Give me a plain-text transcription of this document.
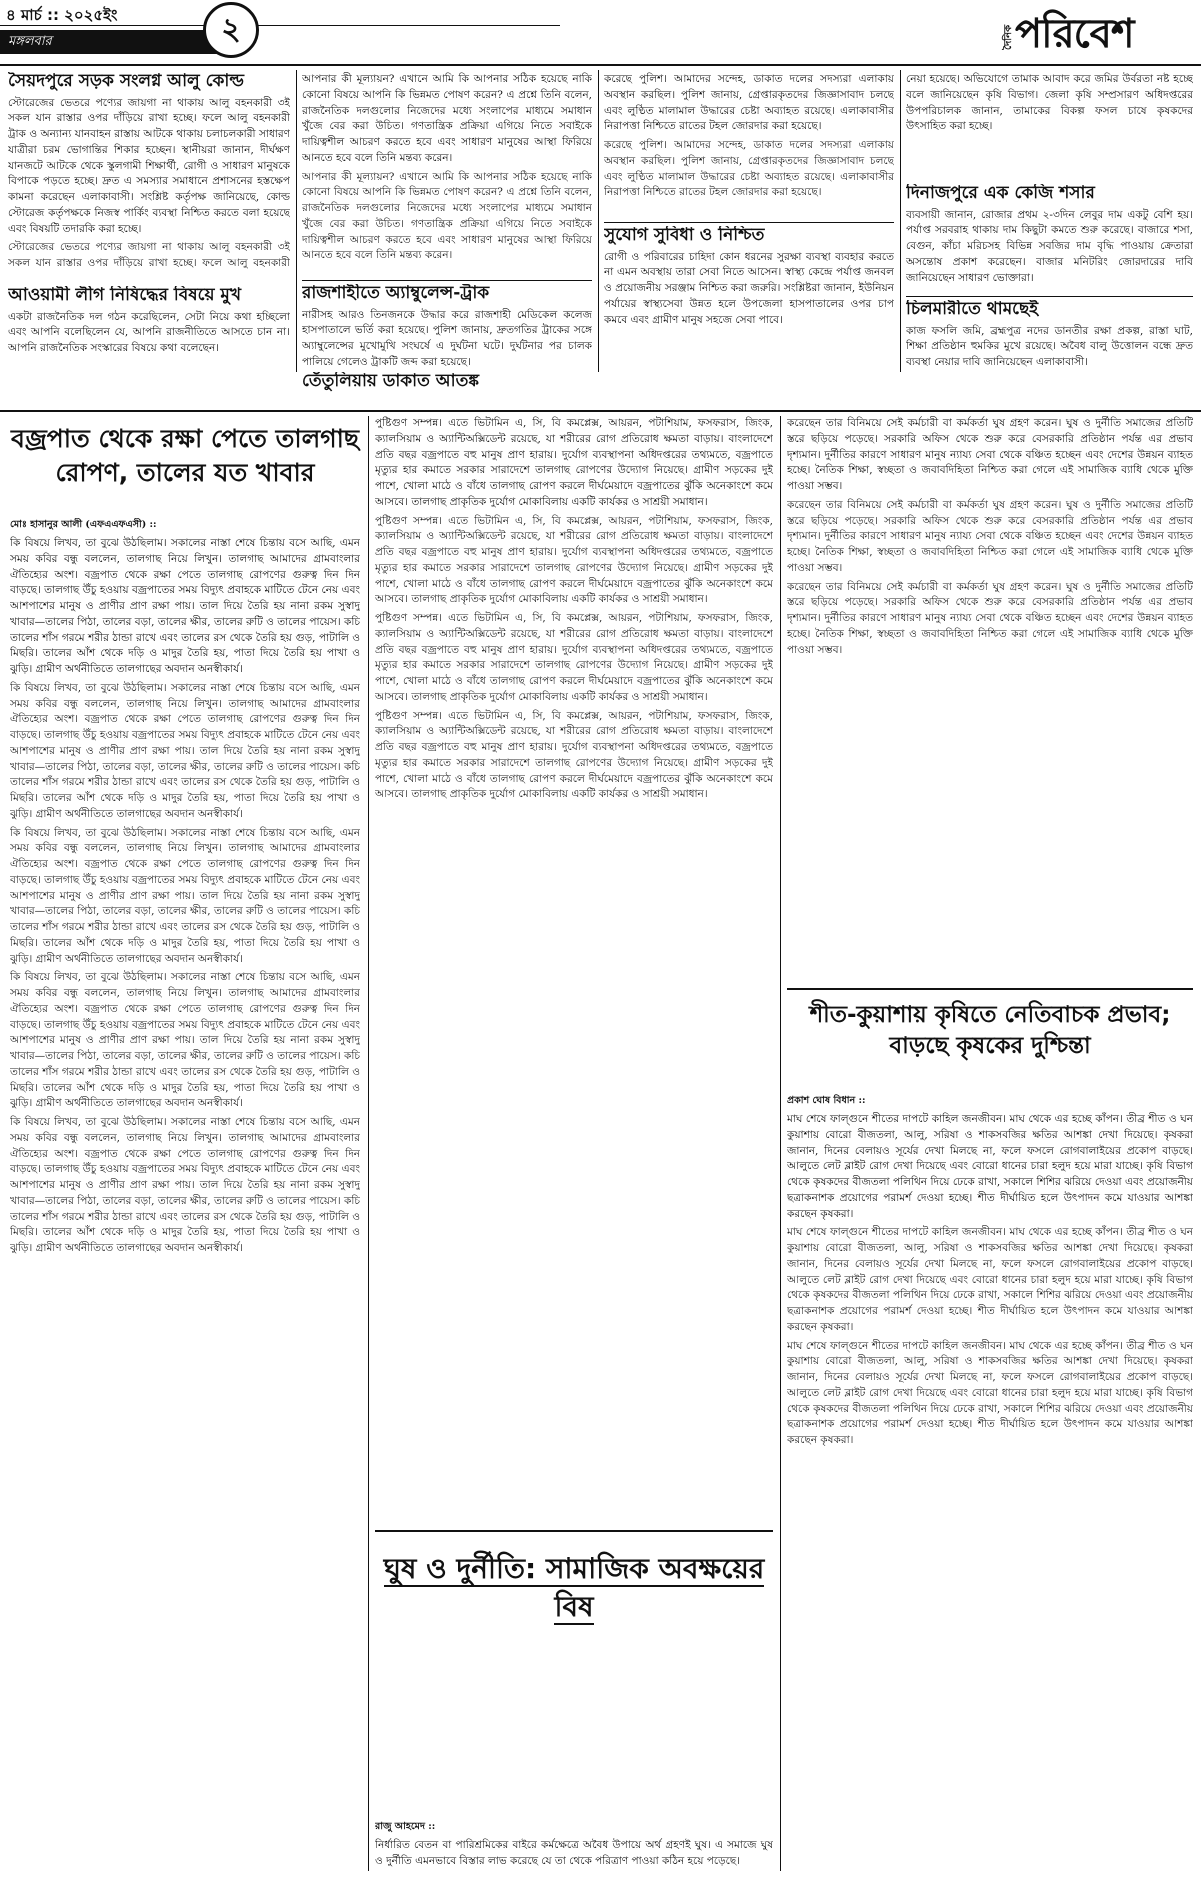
৪ মার্চ :: ২০২৫ইং
মঙ্গলবার	২	দৈনিক পরিবেশ
সৈয়দপুরে সড়ক সংলগ্ন আলু কোল্ড

স্টোরেজের ভেতরে পণ্যের জায়গা না থাকায় আলু বহনকারী ৩ই সকল যান রাস্তার ওপর দাঁড়িয়ে রাখা হচ্ছে। ফলে আলু বহনকারী ট্রাক ও অন্যান্য যানবাহন রাস্তায় আটকে থাকায় চলাচলকারী সাধারণ যাত্রীরা চরম ভোগান্তির শিকার হচ্ছেন। স্থানীয়রা জানান, দীর্ঘক্ষণ যানজটে আটকে থেকে স্কুলগামী শিক্ষার্থী, রোগী ও সাধারণ মানুষকে বিপাকে পড়তে হচ্ছে। দ্রুত এ সমস্যার সমাধানে প্রশাসনের হস্তক্ষেপ কামনা করেছেন এলাকাবাসী। সংশ্লিষ্ট কর্তৃপক্ষ জানিয়েছে, কোল্ড স্টোরেজ কর্তৃপক্ষকে নিজস্ব পার্কিং ব্যবস্থা নিশ্চিত করতে বলা হয়েছে এবং বিষয়টি তদারকি করা হচ্ছে।

স্টোরেজের ভেতরে পণ্যের জায়গা না থাকায় আলু বহনকারী ৩ই সকল যান রাস্তার ওপর দাঁড়িয়ে রাখা হচ্ছে। ফলে আলু বহনকারী

আওয়ামী লীগ নিষিদ্ধের বিষয়ে মুখ

একটা রাজনৈতিক দল গঠন করেছিলেন, সেটা নিয়ে কথা হচ্ছিলো এবং আপনি বলেছিলেন যে, আপনি রাজনীতিতে আসতে চান না। আপনি রাজনৈতিক সংস্কারের বিষয়ে কথা বলেছেন।

আপনার কী মূল্যায়ন? এখানে আমি কি আপনার সঠিক হয়েছে নাকি কোনো বিষয়ে আপনি কি ভিন্নমত পোষণ করেন? এ প্রশ্নে তিনি বলেন, রাজনৈতিক দলগুলোর নিজেদের মধ্যে সংলাপের মাধ্যমে সমাধান খুঁজে বের করা উচিত। গণতান্ত্রিক প্রক্রিয়া এগিয়ে নিতে সবাইকে দায়িত্বশীল আচরণ করতে হবে এবং সাধারণ মানুষের আস্থা ফিরিয়ে আনতে হবে বলে তিনি মন্তব্য করেন।

আপনার কী মূল্যায়ন? এখানে আমি কি আপনার সঠিক হয়েছে নাকি কোনো বিষয়ে আপনি কি ভিন্নমত পোষণ করেন? এ প্রশ্নে তিনি বলেন, রাজনৈতিক দলগুলোর নিজেদের মধ্যে সংলাপের মাধ্যমে সমাধান খুঁজে বের করা উচিত। গণতান্ত্রিক প্রক্রিয়া এগিয়ে নিতে সবাইকে দায়িত্বশীল আচরণ করতে হবে এবং সাধারণ মানুষের আস্থা ফিরিয়ে আনতে হবে বলে তিনি মন্তব্য করেন।

রাজশাহীতে অ্যাম্বুলেন্স-ট্রাক

নারীসহ আরও তিনজনকে উদ্ধার করে রাজশাহী মেডিকেল কলেজ হাসপাতালে ভর্তি করা হয়েছে। পুলিশ জানায়, দ্রুতগতির ট্রাকের সঙ্গে অ্যাম্বুলেন্সের মুখোমুখি সংঘর্ষে এ দুর্ঘটনা ঘটে। দুর্ঘটনার পর চালক পালিয়ে গেলেও ট্রাকটি জব্দ করা হয়েছে।

করেছে পুলিশ। আমাদের সন্দেহ, ডাকাত দলের সদস্যরা এলাকায় অবস্থান করছিল। পুলিশ জানায়, গ্রেপ্তারকৃতদের জিজ্ঞাসাবাদ চলছে এবং লুণ্ঠিত মালামাল উদ্ধারের চেষ্টা অব্যাহত রয়েছে। এলাকাবাসীর নিরাপত্তা নিশ্চিতে রাতের টহল জোরদার করা হয়েছে।

করেছে পুলিশ। আমাদের সন্দেহ, ডাকাত দলের সদস্যরা এলাকায় অবস্থান করছিল। পুলিশ জানায়, গ্রেপ্তারকৃতদের জিজ্ঞাসাবাদ চলছে এবং লুণ্ঠিত মালামাল উদ্ধারের চেষ্টা অব্যাহত রয়েছে। এলাকাবাসীর নিরাপত্তা নিশ্চিতে রাতের টহল জোরদার করা হয়েছে।

সুযোগ সুবিধা ও নিশ্চিত

রোগী ও পরিবারের চাহিদা কোন ধরনের সুরক্ষা ব্যবস্থা ব্যবহার করতে না এমন অবস্থায় তারা সেবা নিতে আসেন। স্বাস্থ্য কেন্দ্রে পর্যাপ্ত জনবল ও প্রয়োজনীয় সরঞ্জাম নিশ্চিত করা জরুরি। সংশ্লিষ্টরা জানান, ইউনিয়ন পর্যায়ের স্বাস্থ্যসেবা উন্নত হলে উপজেলা হাসপাতালের ওপর চাপ কমবে এবং গ্রামীণ মানুষ সহজে সেবা পাবে।

নেয়া হয়েছে। অভিযোগে তামাক আবাদ করে জমির উর্বরতা নষ্ট হচ্ছে বলে জানিয়েছেন কৃষি বিভাগ। জেলা কৃষি সম্প্রসারণ অধিদপ্তরের উপপরিচালক জানান, তামাকের বিকল্প ফসল চাষে কৃষকদের উৎসাহিত করা হচ্ছে।

দিনাজপুরে এক কেজি শসার

ব্যবসায়ী জানান, রোজার প্রথম ২-৩দিন লেবুর দাম একটু বেশি হয়। পর্যাপ্ত সরবরাহ থাকায় দাম কিছুটা কমতে শুরু করেছে। বাজারে শসা, বেগুন, কাঁচা মরিচসহ বিভিন্ন সবজির দাম বৃদ্ধি পাওয়ায় ক্রেতারা অসন্তোষ প্রকাশ করেছেন। বাজার মনিটরিং জোরদারের দাবি জানিয়েছেন সাধারণ ভোক্তারা।

চিলমারীতে থামছেই

কাজ ফসলি জমি, ব্রহ্মপুত্র নদের ডানতীর রক্ষা প্রকল্প, রাস্তা ঘাট, শিক্ষা প্রতিষ্ঠান হুমকির মুখে রয়েছে। অবৈধ বালু উত্তোলন বন্ধে দ্রুত ব্যবস্থা নেয়ার দাবি জানিয়েছেন এলাকাবাসী।

তেঁতুলিয়ায় ডাকাত আতঙ্ক
বজ্রপাত থেকে রক্ষা পেতে তালগাছ রোপণ, তালের যত খাবার
মোঃ হাসানুর আলী (এফএএফএসী) ::

কি বিষয়ে লিখব, তা বুঝে উঠছিলাম। সকালের নাস্তা শেষে চিন্তায় বসে আছি, এমন সময় কবির বন্ধু বললেন, তালগাছ নিয়ে লিখুন। তালগাছ আমাদের গ্রামবাংলার ঐতিহ্যের অংশ। বজ্রপাত থেকে রক্ষা পেতে তালগাছ রোপণের গুরুত্ব দিন দিন বাড়ছে। তালগাছ উঁচু হওয়ায় বজ্রপাতের সময় বিদ্যুৎ প্রবাহকে মাটিতে টেনে নেয় এবং আশপাশের মানুষ ও প্রাণীর প্রাণ রক্ষা পায়। তাল দিয়ে তৈরি হয় নানা রকম সুস্বাদু খাবার—তালের পিঠা, তালের বড়া, তালের ক্ষীর, তালের রুটি ও তালের পায়েস। কচি তালের শাঁস গরমে শরীর ঠান্ডা রাখে এবং তালের রস থেকে তৈরি হয় গুড়, পাটালি ও মিছরি। তালের আঁশ থেকে দড়ি ও মাদুর তৈরি হয়, পাতা দিয়ে তৈরি হয় পাখা ও ঝুড়ি। গ্রামীণ অর্থনীতিতে তালগাছের অবদান অনস্বীকার্য।

কি বিষয়ে লিখব, তা বুঝে উঠছিলাম। সকালের নাস্তা শেষে চিন্তায় বসে আছি, এমন সময় কবির বন্ধু বললেন, তালগাছ নিয়ে লিখুন। তালগাছ আমাদের গ্রামবাংলার ঐতিহ্যের অংশ। বজ্রপাত থেকে রক্ষা পেতে তালগাছ রোপণের গুরুত্ব দিন দিন বাড়ছে। তালগাছ উঁচু হওয়ায় বজ্রপাতের সময় বিদ্যুৎ প্রবাহকে মাটিতে টেনে নেয় এবং আশপাশের মানুষ ও প্রাণীর প্রাণ রক্ষা পায়। তাল দিয়ে তৈরি হয় নানা রকম সুস্বাদু খাবার—তালের পিঠা, তালের বড়া, তালের ক্ষীর, তালের রুটি ও তালের পায়েস। কচি তালের শাঁস গরমে শরীর ঠান্ডা রাখে এবং তালের রস থেকে তৈরি হয় গুড়, পাটালি ও মিছরি। তালের আঁশ থেকে দড়ি ও মাদুর তৈরি হয়, পাতা দিয়ে তৈরি হয় পাখা ও ঝুড়ি। গ্রামীণ অর্থনীতিতে তালগাছের অবদান অনস্বীকার্য।

কি বিষয়ে লিখব, তা বুঝে উঠছিলাম। সকালের নাস্তা শেষে চিন্তায় বসে আছি, এমন সময় কবির বন্ধু বললেন, তালগাছ নিয়ে লিখুন। তালগাছ আমাদের গ্রামবাংলার ঐতিহ্যের অংশ। বজ্রপাত থেকে রক্ষা পেতে তালগাছ রোপণের গুরুত্ব দিন দিন বাড়ছে। তালগাছ উঁচু হওয়ায় বজ্রপাতের সময় বিদ্যুৎ প্রবাহকে মাটিতে টেনে নেয় এবং আশপাশের মানুষ ও প্রাণীর প্রাণ রক্ষা পায়। তাল দিয়ে তৈরি হয় নানা রকম সুস্বাদু খাবার—তালের পিঠা, তালের বড়া, তালের ক্ষীর, তালের রুটি ও তালের পায়েস। কচি তালের শাঁস গরমে শরীর ঠান্ডা রাখে এবং তালের রস থেকে তৈরি হয় গুড়, পাটালি ও মিছরি। তালের আঁশ থেকে দড়ি ও মাদুর তৈরি হয়, পাতা দিয়ে তৈরি হয় পাখা ও ঝুড়ি। গ্রামীণ অর্থনীতিতে তালগাছের অবদান অনস্বীকার্য।

কি বিষয়ে লিখব, তা বুঝে উঠছিলাম। সকালের নাস্তা শেষে চিন্তায় বসে আছি, এমন সময় কবির বন্ধু বললেন, তালগাছ নিয়ে লিখুন। তালগাছ আমাদের গ্রামবাংলার ঐতিহ্যের অংশ। বজ্রপাত থেকে রক্ষা পেতে তালগাছ রোপণের গুরুত্ব দিন দিন বাড়ছে। তালগাছ উঁচু হওয়ায় বজ্রপাতের সময় বিদ্যুৎ প্রবাহকে মাটিতে টেনে নেয় এবং আশপাশের মানুষ ও প্রাণীর প্রাণ রক্ষা পায়। তাল দিয়ে তৈরি হয় নানা রকম সুস্বাদু খাবার—তালের পিঠা, তালের বড়া, তালের ক্ষীর, তালের রুটি ও তালের পায়েস। কচি তালের শাঁস গরমে শরীর ঠান্ডা রাখে এবং তালের রস থেকে তৈরি হয় গুড়, পাটালি ও মিছরি। তালের আঁশ থেকে দড়ি ও মাদুর তৈরি হয়, পাতা দিয়ে তৈরি হয় পাখা ও ঝুড়ি। গ্রামীণ অর্থনীতিতে তালগাছের অবদান অনস্বীকার্য।

কি বিষয়ে লিখব, তা বুঝে উঠছিলাম। সকালের নাস্তা শেষে চিন্তায় বসে আছি, এমন সময় কবির বন্ধু বললেন, তালগাছ নিয়ে লিখুন। তালগাছ আমাদের গ্রামবাংলার ঐতিহ্যের অংশ। বজ্রপাত থেকে রক্ষা পেতে তালগাছ রোপণের গুরুত্ব দিন দিন বাড়ছে। তালগাছ উঁচু হওয়ায় বজ্রপাতের সময় বিদ্যুৎ প্রবাহকে মাটিতে টেনে নেয় এবং আশপাশের মানুষ ও প্রাণীর প্রাণ রক্ষা পায়। তাল দিয়ে তৈরি হয় নানা রকম সুস্বাদু খাবার—তালের পিঠা, তালের বড়া, তালের ক্ষীর, তালের রুটি ও তালের পায়েস। কচি তালের শাঁস গরমে শরীর ঠান্ডা রাখে এবং তালের রস থেকে তৈরি হয় গুড়, পাটালি ও মিছরি। তালের আঁশ থেকে দড়ি ও মাদুর তৈরি হয়, পাতা দিয়ে তৈরি হয় পাখা ও ঝুড়ি। গ্রামীণ অর্থনীতিতে তালগাছের অবদান অনস্বীকার্য।

পুষ্টিগুণ সম্পন্ন। এতে ভিটামিন এ, সি, বি কমপ্লেক্স, আয়রন, পটাশিয়াম, ফসফরাস, জিংক, ক্যালসিয়াম ও অ্যান্টিঅক্সিডেন্ট রয়েছে, যা শরীরের রোগ প্রতিরোধ ক্ষমতা বাড়ায়। বাংলাদেশে প্রতি বছর বজ্রপাতে বহু মানুষ প্রাণ হারায়। দুর্যোগ ব্যবস্থাপনা অধিদপ্তরের তথ্যমতে, বজ্রপাতে মৃত্যুর হার কমাতে সরকার সারাদেশে তালগাছ রোপণের উদ্যোগ নিয়েছে। গ্রামীণ সড়কের দুই পাশে, খোলা মাঠে ও বাঁধে তালগাছ রোপণ করলে দীর্ঘমেয়াদে বজ্রপাতের ঝুঁকি অনেকাংশে কমে আসবে। তালগাছ প্রাকৃতিক দুর্যোগ মোকাবিলায় একটি কার্যকর ও সাশ্রয়ী সমাধান।

পুষ্টিগুণ সম্পন্ন। এতে ভিটামিন এ, সি, বি কমপ্লেক্স, আয়রন, পটাশিয়াম, ফসফরাস, জিংক, ক্যালসিয়াম ও অ্যান্টিঅক্সিডেন্ট রয়েছে, যা শরীরের রোগ প্রতিরোধ ক্ষমতা বাড়ায়। বাংলাদেশে প্রতি বছর বজ্রপাতে বহু মানুষ প্রাণ হারায়। দুর্যোগ ব্যবস্থাপনা অধিদপ্তরের তথ্যমতে, বজ্রপাতে মৃত্যুর হার কমাতে সরকার সারাদেশে তালগাছ রোপণের উদ্যোগ নিয়েছে। গ্রামীণ সড়কের দুই পাশে, খোলা মাঠে ও বাঁধে তালগাছ রোপণ করলে দীর্ঘমেয়াদে বজ্রপাতের ঝুঁকি অনেকাংশে কমে আসবে। তালগাছ প্রাকৃতিক দুর্যোগ মোকাবিলায় একটি কার্যকর ও সাশ্রয়ী সমাধান।

পুষ্টিগুণ সম্পন্ন। এতে ভিটামিন এ, সি, বি কমপ্লেক্স, আয়রন, পটাশিয়াম, ফসফরাস, জিংক, ক্যালসিয়াম ও অ্যান্টিঅক্সিডেন্ট রয়েছে, যা শরীরের রোগ প্রতিরোধ ক্ষমতা বাড়ায়। বাংলাদেশে প্রতি বছর বজ্রপাতে বহু মানুষ প্রাণ হারায়। দুর্যোগ ব্যবস্থাপনা অধিদপ্তরের তথ্যমতে, বজ্রপাতে মৃত্যুর হার কমাতে সরকার সারাদেশে তালগাছ রোপণের উদ্যোগ নিয়েছে। গ্রামীণ সড়কের দুই পাশে, খোলা মাঠে ও বাঁধে তালগাছ রোপণ করলে দীর্ঘমেয়াদে বজ্রপাতের ঝুঁকি অনেকাংশে কমে আসবে। তালগাছ প্রাকৃতিক দুর্যোগ মোকাবিলায় একটি কার্যকর ও সাশ্রয়ী সমাধান।

পুষ্টিগুণ সম্পন্ন। এতে ভিটামিন এ, সি, বি কমপ্লেক্স, আয়রন, পটাশিয়াম, ফসফরাস, জিংক, ক্যালসিয়াম ও অ্যান্টিঅক্সিডেন্ট রয়েছে, যা শরীরের রোগ প্রতিরোধ ক্ষমতা বাড়ায়। বাংলাদেশে প্রতি বছর বজ্রপাতে বহু মানুষ প্রাণ হারায়। দুর্যোগ ব্যবস্থাপনা অধিদপ্তরের তথ্যমতে, বজ্রপাতে মৃত্যুর হার কমাতে সরকার সারাদেশে তালগাছ রোপণের উদ্যোগ নিয়েছে। গ্রামীণ সড়কের দুই পাশে, খোলা মাঠে ও বাঁধে তালগাছ রোপণ করলে দীর্ঘমেয়াদে বজ্রপাতের ঝুঁকি অনেকাংশে কমে আসবে। তালগাছ প্রাকৃতিক দুর্যোগ মোকাবিলায় একটি কার্যকর ও সাশ্রয়ী সমাধান।

ঘুষ ও দুর্নীতি: সামাজিক অবক্ষয়ের বিষ
রাজু আহমেদ ::

নির্ধারিত বেতন বা পারিশ্রমিকের বাইরে কর্মক্ষেত্রে অবৈধ উপায়ে অর্থ গ্রহণই ঘুষ। এ সমাজে ঘুষ ও দুর্নীতি এমনভাবে বিস্তার লাভ করেছে যে তা থেকে পরিত্রাণ পাওয়া কঠিন হয়ে পড়েছে।

করেছেন তার বিনিময়ে সেই কর্মচারী বা কর্মকর্তা ঘুষ গ্রহণ করেন। ঘুষ ও দুর্নীতি সমাজের প্রতিটি স্তরে ছড়িয়ে পড়েছে। সরকারি অফিস থেকে শুরু করে বেসরকারি প্রতিষ্ঠান পর্যন্ত এর প্রভাব দৃশ্যমান। দুর্নীতির কারণে সাধারণ মানুষ ন্যায্য সেবা থেকে বঞ্চিত হচ্ছেন এবং দেশের উন্নয়ন ব্যাহত হচ্ছে। নৈতিক শিক্ষা, স্বচ্ছতা ও জবাবদিহিতা নিশ্চিত করা গেলে এই সামাজিক ব্যাধি থেকে মুক্তি পাওয়া সম্ভব।

করেছেন তার বিনিময়ে সেই কর্মচারী বা কর্মকর্তা ঘুষ গ্রহণ করেন। ঘুষ ও দুর্নীতি সমাজের প্রতিটি স্তরে ছড়িয়ে পড়েছে। সরকারি অফিস থেকে শুরু করে বেসরকারি প্রতিষ্ঠান পর্যন্ত এর প্রভাব দৃশ্যমান। দুর্নীতির কারণে সাধারণ মানুষ ন্যায্য সেবা থেকে বঞ্চিত হচ্ছেন এবং দেশের উন্নয়ন ব্যাহত হচ্ছে। নৈতিক শিক্ষা, স্বচ্ছতা ও জবাবদিহিতা নিশ্চিত করা গেলে এই সামাজিক ব্যাধি থেকে মুক্তি পাওয়া সম্ভব।

করেছেন তার বিনিময়ে সেই কর্মচারী বা কর্মকর্তা ঘুষ গ্রহণ করেন। ঘুষ ও দুর্নীতি সমাজের প্রতিটি স্তরে ছড়িয়ে পড়েছে। সরকারি অফিস থেকে শুরু করে বেসরকারি প্রতিষ্ঠান পর্যন্ত এর প্রভাব দৃশ্যমান। দুর্নীতির কারণে সাধারণ মানুষ ন্যায্য সেবা থেকে বঞ্চিত হচ্ছেন এবং দেশের উন্নয়ন ব্যাহত হচ্ছে। নৈতিক শিক্ষা, স্বচ্ছতা ও জবাবদিহিতা নিশ্চিত করা গেলে এই সামাজিক ব্যাধি থেকে মুক্তি পাওয়া সম্ভব।

শীত-কুয়াশায় কৃষিতে নেতিবাচক প্রভাব; বাড়ছে কৃষকের দুশ্চিন্তা
প্রকাশ ঘোষ বিধান ::

মাঘ শেষে ফাল্গুনে শীতের দাপটে কাহিল জনজীবন। মাঘ থেকে এর হচ্ছে কাঁপন। তীব্র শীত ও ঘন কুয়াশায় বোরো বীজতলা, আলু, সরিষা ও শাকসবজির ক্ষতির আশঙ্কা দেখা দিয়েছে। কৃষকরা জানান, দিনের বেলায়ও সূর্যের দেখা মিলছে না, ফলে ফসলে রোগবালাইয়ের প্রকোপ বাড়ছে। আলুতে লেট ব্লাইট রোগ দেখা দিয়েছে এবং বোরো ধানের চারা হলুদ হয়ে মারা যাচ্ছে। কৃষি বিভাগ থেকে কৃষকদের বীজতলা পলিথিন দিয়ে ঢেকে রাখা, সকালে শিশির ঝরিয়ে দেওয়া এবং প্রয়োজনীয় ছত্রাকনাশক প্রয়োগের পরামর্শ দেওয়া হচ্ছে। শীত দীর্ঘায়িত হলে উৎপাদন কমে যাওয়ার আশঙ্কা করছেন কৃষকরা।

মাঘ শেষে ফাল্গুনে শীতের দাপটে কাহিল জনজীবন। মাঘ থেকে এর হচ্ছে কাঁপন। তীব্র শীত ও ঘন কুয়াশায় বোরো বীজতলা, আলু, সরিষা ও শাকসবজির ক্ষতির আশঙ্কা দেখা দিয়েছে। কৃষকরা জানান, দিনের বেলায়ও সূর্যের দেখা মিলছে না, ফলে ফসলে রোগবালাইয়ের প্রকোপ বাড়ছে। আলুতে লেট ব্লাইট রোগ দেখা দিয়েছে এবং বোরো ধানের চারা হলুদ হয়ে মারা যাচ্ছে। কৃষি বিভাগ থেকে কৃষকদের বীজতলা পলিথিন দিয়ে ঢেকে রাখা, সকালে শিশির ঝরিয়ে দেওয়া এবং প্রয়োজনীয় ছত্রাকনাশক প্রয়োগের পরামর্শ দেওয়া হচ্ছে। শীত দীর্ঘায়িত হলে উৎপাদন কমে যাওয়ার আশঙ্কা করছেন কৃষকরা।

মাঘ শেষে ফাল্গুনে শীতের দাপটে কাহিল জনজীবন। মাঘ থেকে এর হচ্ছে কাঁপন। তীব্র শীত ও ঘন কুয়াশায় বোরো বীজতলা, আলু, সরিষা ও শাকসবজির ক্ষতির আশঙ্কা দেখা দিয়েছে। কৃষকরা জানান, দিনের বেলায়ও সূর্যের দেখা মিলছে না, ফলে ফসলে রোগবালাইয়ের প্রকোপ বাড়ছে। আলুতে লেট ব্লাইট রোগ দেখা দিয়েছে এবং বোরো ধানের চারা হলুদ হয়ে মারা যাচ্ছে। কৃষি বিভাগ থেকে কৃষকদের বীজতলা পলিথিন দিয়ে ঢেকে রাখা, সকালে শিশির ঝরিয়ে দেওয়া এবং প্রয়োজনীয় ছত্রাকনাশক প্রয়োগের পরামর্শ দেওয়া হচ্ছে। শীত দীর্ঘায়িত হলে উৎপাদন কমে যাওয়ার আশঙ্কা করছেন কৃষকরা।
